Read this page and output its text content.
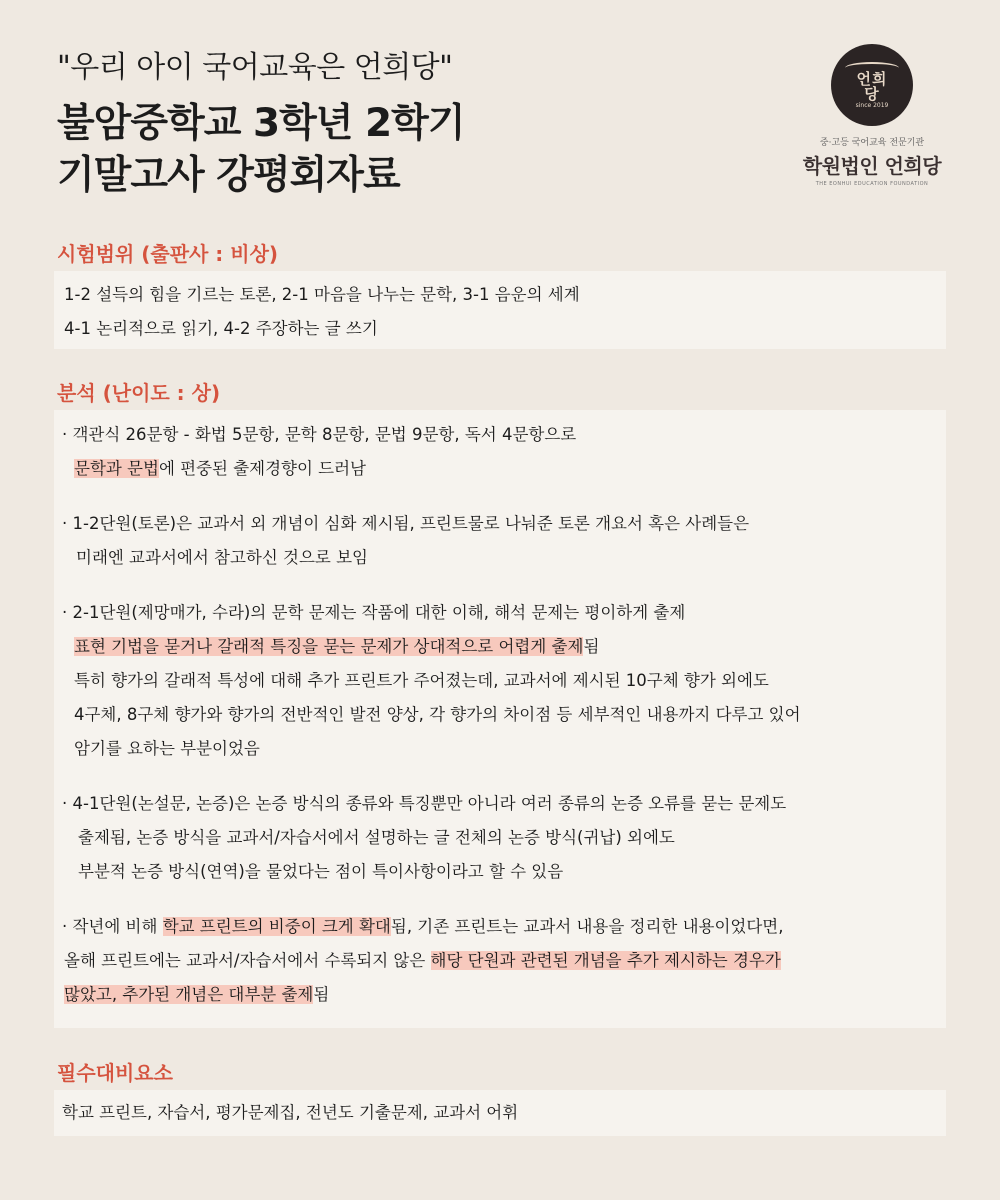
"우리 아이 국어교육은 언희당"
불암중학교 3학년 2학기
기말고사 강평회자료
언희
당
since 2019
중·고등 국어교육 전문기관
학원법인 언희당
THE EONHUI EDUCATION FOUNDATION
시험범위 (출판사 : 비상)
1-2 설득의 힘을 기르는 토론, 2-1 마음을 나누는 문학, 3-1 음운의 세계
4-1 논리적으로 읽기, 4-2 주장하는 글 쓰기
분석 (난이도 : 상)
· 객관식 26문항 - 화법 5문항, 문학 8문항, 문법 9문항, 독서 4문항으로
문학과 문법에 편중된 출제경향이 드러남
· 1-2단원(토론)은 교과서 외 개념이 심화 제시됨, 프린트물로 나눠준 토론 개요서 혹은 사례들은
미래엔 교과서에서 참고하신 것으로 보임
· 2-1단원(제망매가, 수라)의 문학 문제는 작품에 대한 이해, 해석 문제는 평이하게 출제
표현 기법을 묻거나 갈래적 특징을 묻는 문제가 상대적으로 어렵게 출제됨
특히 향가의 갈래적 특성에 대해 추가 프린트가 주어졌는데, 교과서에 제시된 10구체 향가 외에도
4구체, 8구체 향가와 향가의 전반적인 발전 양상, 각 향가의 차이점 등 세부적인 내용까지 다루고 있어
암기를 요하는 부분이었음
· 4-1단원(논설문, 논증)은 논증 방식의 종류와 특징뿐만 아니라 여러 종류의 논증 오류를 묻는 문제도
출제됨, 논증 방식을 교과서/자습서에서 설명하는 글 전체의 논증 방식(귀납) 외에도
부분적 논증 방식(연역)을 물었다는 점이 특이사항이라고 할 수 있음
· 작년에 비해 학교 프린트의 비중이 크게 확대됨, 기존 프린트는 교과서 내용을 정리한 내용이었다면,
올해 프린트에는 교과서/자습서에서 수록되지 않은 해당 단원과 관련된 개념을 추가 제시하는 경우가
많았고, 추가된 개념은 대부분 출제됨
필수대비요소
학교 프린트, 자습서, 평가문제집, 전년도 기출문제, 교과서 어휘
